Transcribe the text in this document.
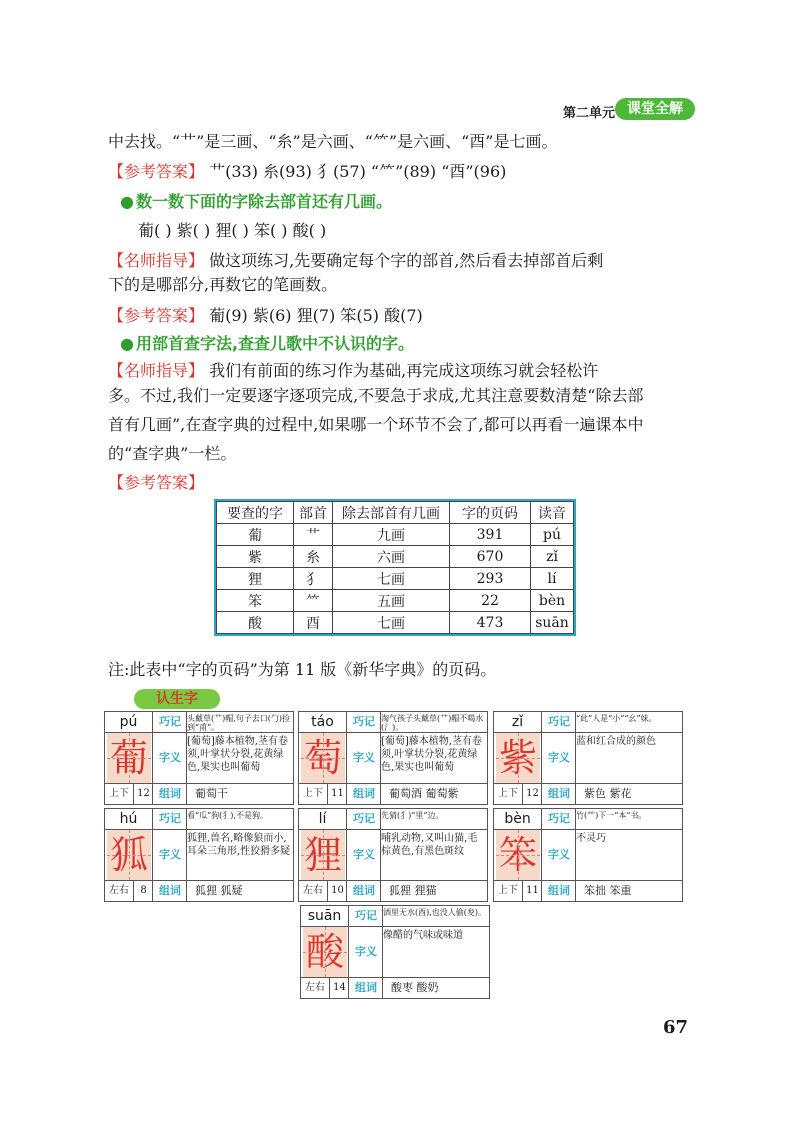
第二单元 课堂全解
中去找。“艹”是三画、“糸”是六画、“⺮”是六画、“酉”是七画。
【参考答案】 艹(33) 糸(93) 犭(57) “⺮”(89) “酉”(96)
● 数一数下面的字除去部首还有几画。
葡( ) 紫( ) 狸( ) 笨( ) 酸( )
【名师指导】 做这项练习,先要确定每个字的部首,然后看去掉部首后剩
下的是哪部分,再数它的笔画数。
【参考答案】 葡(9) 紫(6) 狸(7) 笨(5) 酸(7)
● 用部首查字法,查查儿歌中不认识的字。
【名师指导】 我们有前面的练习作为基础,再完成这项练习就会轻松许
多。不过,我们一定要逐字逐项完成,不要急于求成,尤其注意要数清楚“除去部
首有几画”,在查字典的过程中,如果哪一个环节不会了,都可以再看一遍课本中
的“查字典”一栏。
【参考答案】
要查的字	部首	除去部首有几画	字的页码	读音
葡	艹	九画	391	pú
紫	糸	六画	670	zǐ
狸	犭	七画	293	lí
笨	⺮	五画	22	bèn
酸	酉	七画	473	suān
注:此表中“字的页码”为第 11 版《新华字典》的页码。
认生字
pú
葡
上下 12
巧记
字义
组词
头戴草(艹)帽,句子去口(勹)捡到“甫”。
[葡萄]藤本植物,茎有卷须,叶掌状分裂,花黄绿色,果实也叫葡萄
葡萄干
táo
萄
上下 11
巧记
字义
组词
淘气孩子头戴草(艹)帽不喝水(氵)。
[葡萄]藤本植物,茎有卷须,叶掌状分裂,花黄绿色,果实也叫葡萄
葡萄酒 葡萄紫
zǐ
紫
上下 12
巧记
字义
组词
“此”人是“小”“幺”妹。
蓝和红合成的颜色
紫色 紫花
hú
狐
左右	8
巧记
字义
组词
看“瓜”狗(犭),不是狗。
狐狸,兽名,略像狼而小,耳朵三角形,性狡猾多疑
狐狸 狐疑
lí
狸
左右 10
巧记
字义
组词
先猜(犭)“里”边。
哺乳动物,又叫山猫,毛棕黄色,有黑色斑纹
狐狸 狸猫
bèn
笨
上下 11
巧记
字义
组词
竹(⺮)下一“本”书。
不灵巧
笨拙 笨重
suān
酸
左右 14
巧记
字义
组词
酒里无水(酉),也没人偷(夋)。
像醋的气味或味道
酸枣 酸奶
67
